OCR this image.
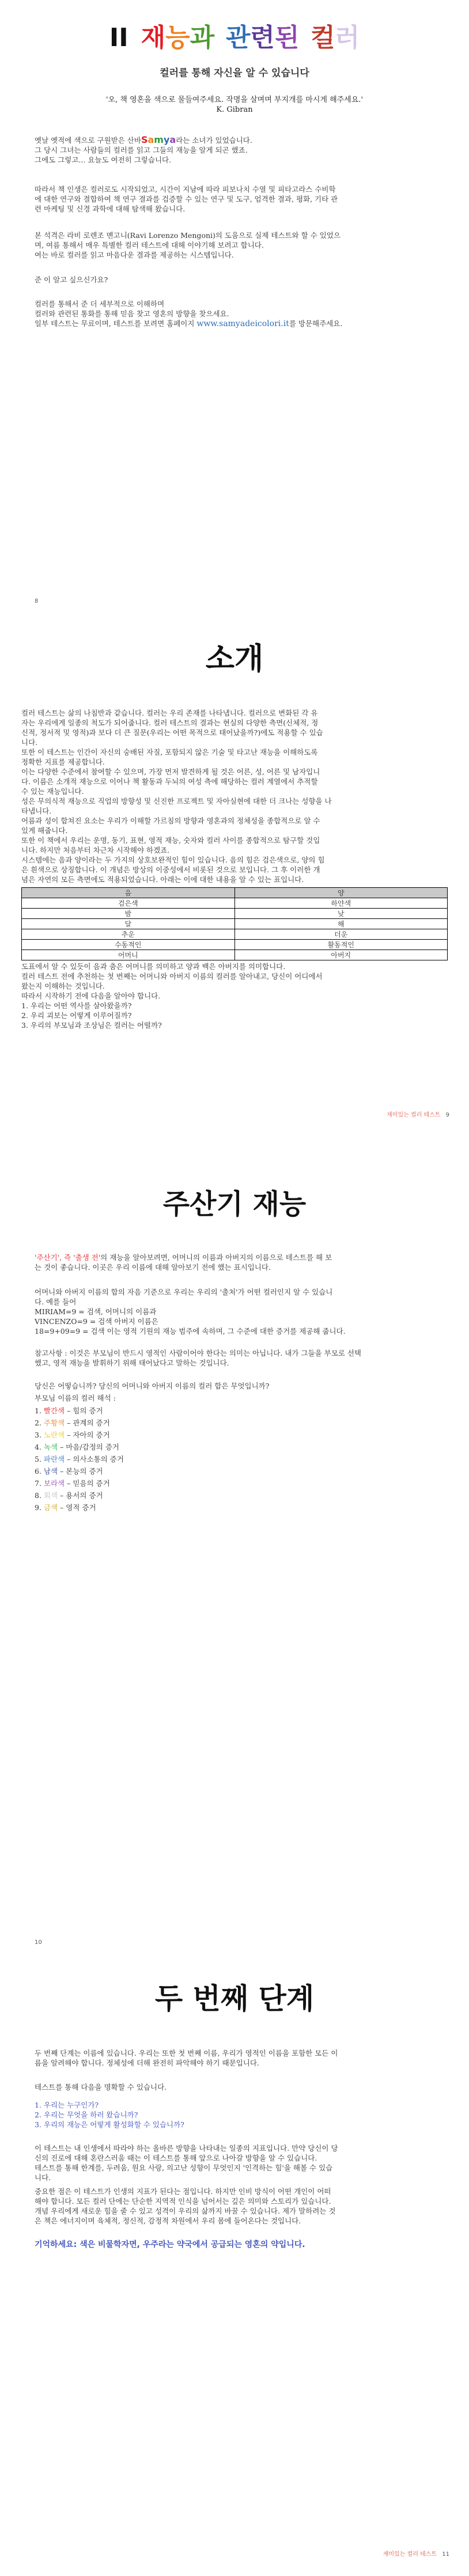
II 재능과 관련된 컬러
컬러를 통해 자신을 알 수 있습니다
'오, 책 영혼을 색으로 물들여주세요. 작명을 살며며 부지개를 마시게 해주세요.'
K. Gibran
옛날 옛적에 색으로 구원받은 산바Samya라는 소녀가 있었습니다.
그 당시 그녀는 사람들의 컬러를 읽고 그들의 재능을 알게 되곤 했죠.
그에도 그렇고... 요늘도 여전히 그렇습니다.
따라서 책 인생은 컬러로도 시작되었고, 시간이 지남에 따라 피보나치 수열 및 피타고라스 수비학
에 대한 연구와 결합하여 책 연구 결과를 검증할 수 있는 연구 및 도구, 엄격한 결과, 평화, 기타 관
련 마케팅 및 신경 과학에 대해 탐색해 왔습니다.
본 석격은 라비 로렌조 멘고니(Ravi Lorenzo Mengoni)의 도움으로 실제 테스트와 할 수 있었으
며, 여름 통해서 매우 특별한 컬러 테스트에 대해 이야기해 보려고 합니다.
여는 바로 컬러를 읽고 마음다운 결과를 제공하는 시스템입니다.
준 이 알고 싶으신가요?
컬러를 통해서 준 더 세부적으로 이해하며
컬러와 관련된 통화를 통해 믿음 찾고 영혼의 방향을 찾으세요.
일부 테스트는 무료이며, 테스트를 보려면 홈페이지 www.samyadeicolori.it를 방문해주세요.
8
소개
컬러 테스트는 삶의 나침반과 같습니다. 컬러는 우리 존재를 나타냅니다. 컬러으로 변화된 각 유
자는 우리에게 일종의 척도가 되어줍니다. 컬러 테스트의 결과는 현실의 다양한 측면(신체적, 정
신적, 정서적 및 영적)과 보다 더 큰 질문(우리는 어떤 목적으로 태어났을까?)에도 적용할 수 있습
니다.
또한 이 테스트는 인간이 자신의 숭배된 자질, 포함되지 않은 기술 및 타고난 재능을 이해하도록
정확한 지표를 제공합니다.
이는 다양한 수준에서 참여할 수 있으며, 가장 먼저 발견하게 될 것은 어른, 성, 어른 및 남자입니
다. 이름은 소개적 재능으로 이어나 책 활동과 두뇌의 여성 측에 해당하는 컬러 계열에서 추적할
수 있는 재능입니다.
성은 무의식적 재능으로 직업의 방향성 및 신진한 프로젝트 및 자아실현에 대한 더 크나는 성향을 나
타냅니다.
어름과 성이 합쳐진 요소는 우리가 이해할 가르침의 방향과 영혼과의 정체성을 종합적으로 알 수
있게 해줍니다.
또한 이 책에서 우리는 운명, 동기, 표현, 영적 재능, 숫자와 컬러 사이를 종합적으로 탐구할 것입
니다. 하지만 처음부터 차근차 시작해야 하겠죠.
시스템에는 음과 양이라는 두 가지의 상호보완적인 힘이 있습니다. 음의 힘은 검은색으로, 양의 힘
은 흰색으로 상징합니다. 이 개념은 방상의 이중성에서 비롯된 것으로 보입니다. 그 후 이러한 개
념은 자연의 모든 측면에도 적용되었습니다. 아래는 이에 대한 내용을 알 수 있는 표입니다.
음	양
검은색	하얀색
밤	낮
달	해
추운	더운
수동적인	활동적인
어머니	아버지
도표에서 알 수 있듯이 음과 춤은 어머니를 의미하고 양과 백은 아버지를 의미합니다.
컬러 테스트 전에 추천하는 첫 번째는 어머니와 아버지 이름의 컬러를 알아내고, 당신이 어디에서
왔는지 이해하는 것입니다.
따라서 시작하기 전에 다음을 알아야 합니다.
1. 우리는 어떤 역사를 살아왔을까?
2. 우리 괴보는 어떻게 이루어질까?
3. 우리의 부모님과 조상님은 컬러는 어떨까?
재미있는 컬러 테스트 9
주산기 재능
'주산기', 즉 '출생 전'의 재능을 알아보려면, 어머니의 이름과 아버지의 이름으로 테스트를 해 보
는 것이 좋습니다. 이곳은 우리 이름에 대해 알아보기 전에 했는 표시입니다.
어머니와 아버지 이름의 합의 자음 기준으로 우리는 우리의 '출처'가 어떤 컬러인지 알 수 있습니
다. 예를 들어
MIRIAM=9 = 검색, 어머니의 이름과
VINCENZO=9 = 검색 아버지 이름은
18=9+09=9 = 검색 이는 영적 기원의 재능 범주에 속하며, 그 수준에 대한 증거를 제공해 줍니다.
참고사항 : 이것은 부모님이 반드시 영적인 사람이어야 한다는 의미는 아닙니다. 내가 그들을 부모로 선택
했고, 영적 재능을 발휘하기 위해 태어났다고 말하는 것입니다.
당신은 어떻습니까? 당신의 어머니와 아버지 이름의 컬러 합은 무엇입니까?
부모님 이름의 컬러 해석 :
1. 빨간색 – 힘의 증거
2. 주황색 – 관계의 증거
3. 노란색 – 자아의 증거
4. 녹색 – 마음/감정의 증거
5. 파란색 – 의사소통의 증거
6. 남색 – 본능의 증거
7. 보라색 – 믿음의 증거
8. 회색 – 용서의 증거
9. 금색 – 영적 증거
10
두 번째 단계
두 번째 단계는 이름에 있습니다. 우리는 또한 첫 번째 이름, 우리가 영적인 이름을 포함한 모든 이
름을 알려해야 합니다. 정체성에 더해 완전히 파악해야 하기 때문입니다.
테스트를 통해 다음을 명확할 수 있습니다.
1. 우리는 누구인가?
2. 우리는 무엇을 하러 왔습니까?
3. 우리의 재능은 어떻게 활성화할 수 있습니까?
이 테스트는 내 인생에서 따라야 하는 올바른 방향을 나타내는 일종의 지표입니다. 만약 당신이 당
신의 진로에 대해 혼란스러움 때는 이 테스트를 통해 앞으로 나아갈 방향을 알 수 있습니다.
테스트를 통해 한계를, 두려움, 원요 사랑, 의고난 성향이 무엇인지 '인격하는 힘'을 해볼 수 있습
니다.
중요한 점은 이 테스트가 인생의 지표가 된다는 점입니다. 하지만 인비 방식이 어떤 개인이 어떠
해야 합니다. 모든 컬러 단에는 단순한 지역적 인식을 넘어서는 깊은 의미와 스토리가 있습니다.
개념 우리에게 새로운 힘을 줄 수 있고 성격이 우리의 삶까지 바꿀 수 있습니다. 제가 말하려는 것
은 책은 에너지이며 육체적, 정신적, 감정적 차원에서 우리 몸에 들어온다는 것입니다.
기억하세요: 색은 비물학자면, 우주라는 약국에서 공급되는 영혼의 약입니다.
재미있는 컬러 테스트 11
